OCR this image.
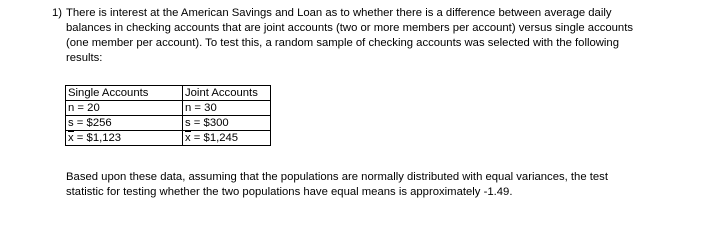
1) There is interest at the American Savings and Loan as to whether there is a difference between average daily
balances in checking accounts that are joint accounts (two or more members per account) versus single accounts
(one member per account). To test this, a random sample of checking accounts was selected with the following
results:
Single Accounts	Joint Accounts
n = 20	n = 30
s = $256	s = $300
x = $1,123	x = $1,245
Based upon these data, assuming that the populations are normally distributed with equal variances, the test
statistic for testing whether the two populations have equal means is approximately -1.49.
